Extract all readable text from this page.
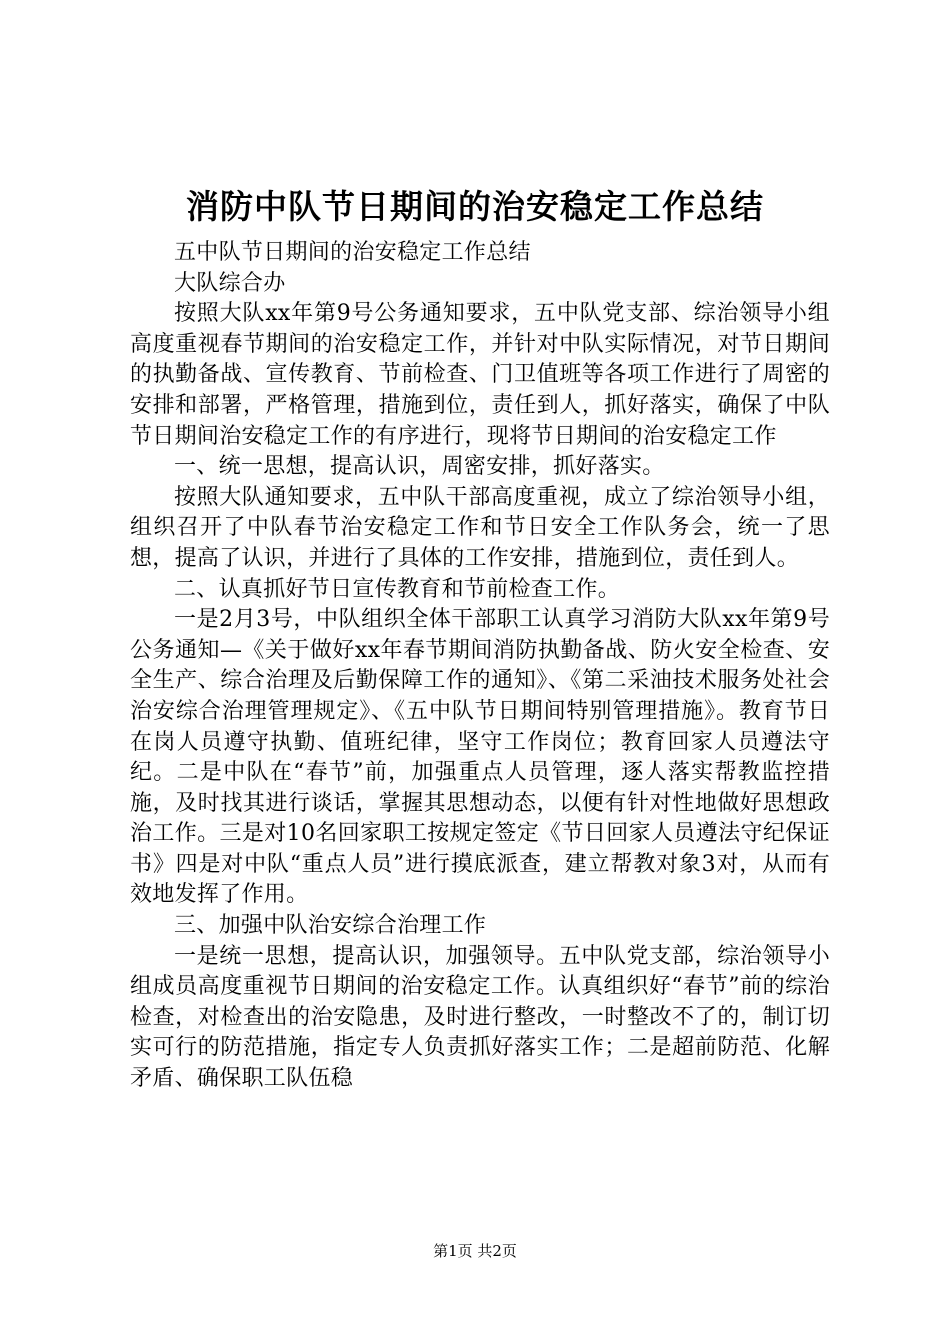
消防中队节日期间的治安稳定工作总结

五中队节日期间的治安稳定工作总结

大队综合办

按照大队xx年第9号公务通知要求，五中队党支部、综治领导小组高度重视春节期间的治安稳定工作，并针对中队实际情况，对节日期间的执勤备战、宣传教育、节前检查、门卫值班等各项工作进行了周密的安排和部署，严格管理，措施到位，责任到人，抓好落实，确保了中队节日期间治安稳定工作的有序进行，现将节日期间的治安稳定工作

一、统一思想，提高认识，周密安排，抓好落实。

按照大队通知要求，五中队干部高度重视，成立了综治领导小组，组织召开了中队春节治安稳定工作和节日安全工作队务会，统一了思想，提高了认识，并进行了具体的工作安排，措施到位，责任到人。

二、认真抓好节日宣传教育和节前检查工作。

一是2月3号，中队组织全体干部职工认真学习消防大队xx年第9号公务通知—《关于做好xx年春节期间消防执勤备战、防火安全检查、安全生产、综合治理及后勤保障工作的通知》、《第二采油技术服务处社会治安综合治理管理规定》、《五中队节日期间特别管理措施》。教育节日在岗人员遵守执勤、值班纪律，坚守工作岗位；教育回家人员遵法守纪。二是中队在“春节”前，加强重点人员管理，逐人落实帮教监控措施，及时找其进行谈话，掌握其思想动态，以便有针对性地做好思想政治工作。三是对10名回家职工按规定签定《节日回家人员遵法守纪保证书》四是对中队“重点人员”进行摸底派查，建立帮教对象3对，从而有效地发挥了作用。

三、加强中队治安综合治理工作

一是统一思想，提高认识，加强领导。五中队党支部，综治领导小组成员高度重视节日期间的治安稳定工作。认真组织好“春节”前的综治检查，对检查出的治安隐患，及时进行整改，一时整改不了的，制订切实可行的防范措施，指定专人负责抓好落实工作；二是超前防范、化解矛盾、确保职工队伍稳

第1页 共2页
